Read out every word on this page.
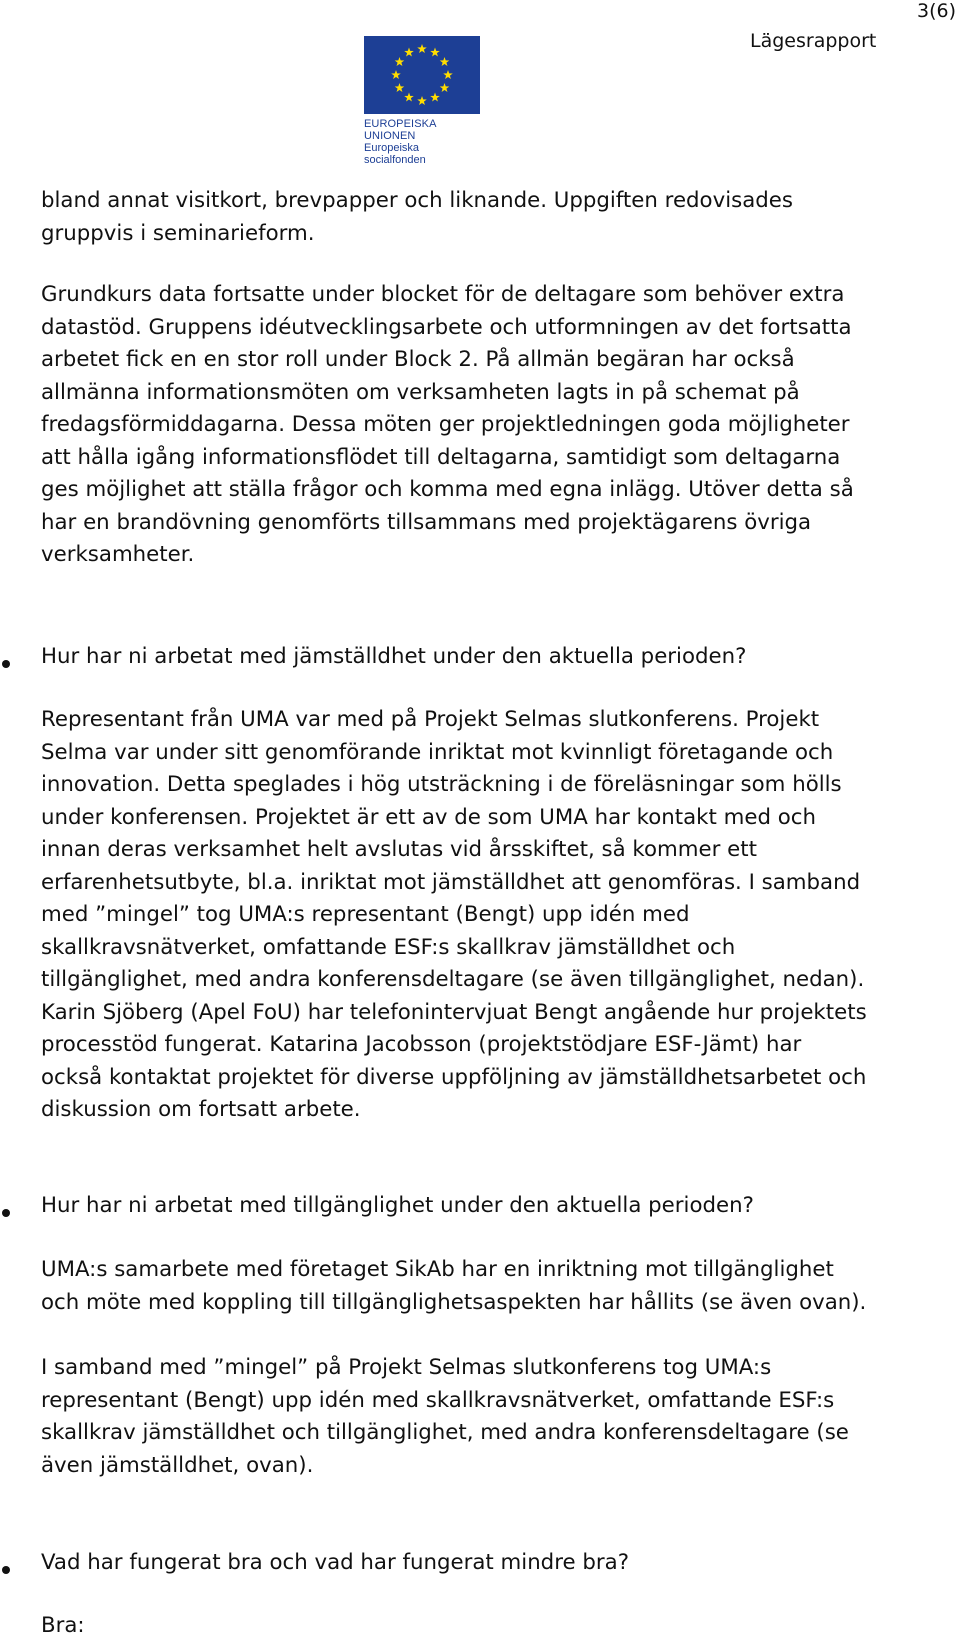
3(6)
Lägesrapport
EUROPEISKA UNIONEN
Europeiska socialfonden
bland annat visitkort, brevpapper och liknande. Uppgiften redovisades
gruppvis i seminarieform.
Grundkurs data fortsatte under blocket för de deltagare som behöver extra
datastöd. Gruppens idéutvecklingsarbete och utformningen av det fortsatta
arbetet fick en en stor roll under Block 2. På allmän begäran har också
allmänna informationsmöten om verksamheten lagts in på schemat på
fredagsförmiddagarna. Dessa möten ger projektledningen goda möjligheter
att hålla igång informationsflödet till deltagarna, samtidigt som deltagarna
ges möjlighet att ställa frågor och komma med egna inlägg. Utöver detta så
har en brandövning genomförts tillsammans med projektägarens övriga
verksamheter.
Hur har ni arbetat med jämställdhet under den aktuella perioden?
Representant från UMA var med på Projekt Selmas slutkonferens. Projekt
Selma var under sitt genomförande inriktat mot kvinnligt företagande och
innovation. Detta speglades i hög utsträckning i de föreläsningar som hölls
under konferensen. Projektet är ett av de som UMA har kontakt med och
innan deras verksamhet helt avslutas vid årsskiftet, så kommer ett
erfarenhetsutbyte, bl.a. inriktat mot jämställdhet att genomföras. I samband
med ”mingel” tog UMA:s representant (Bengt) upp idén med
skallkravsnätverket, omfattande ESF:s skallkrav jämställdhet och
tillgänglighet, med andra konferensdeltagare (se även tillgänglighet, nedan).
Karin Sjöberg (Apel FoU) har telefonintervjuat Bengt angående hur projektets
processtöd fungerat. Katarina Jacobsson (projektstödjare ESF-Jämt) har
också kontaktat projektet för diverse uppföljning av jämställdhetsarbetet och
diskussion om fortsatt arbete.
Hur har ni arbetat med tillgänglighet under den aktuella perioden?
UMA:s samarbete med företaget SikAb har en inriktning mot tillgänglighet
och möte med koppling till tillgänglighetsaspekten har hållits (se även ovan).
I samband med ”mingel” på Projekt Selmas slutkonferens tog UMA:s
representant (Bengt) upp idén med skallkravsnätverket, omfattande ESF:s
skallkrav jämställdhet och tillgänglighet, med andra konferensdeltagare (se
även jämställdhet, ovan).
Vad har fungerat bra och vad har fungerat mindre bra?
Bra:
